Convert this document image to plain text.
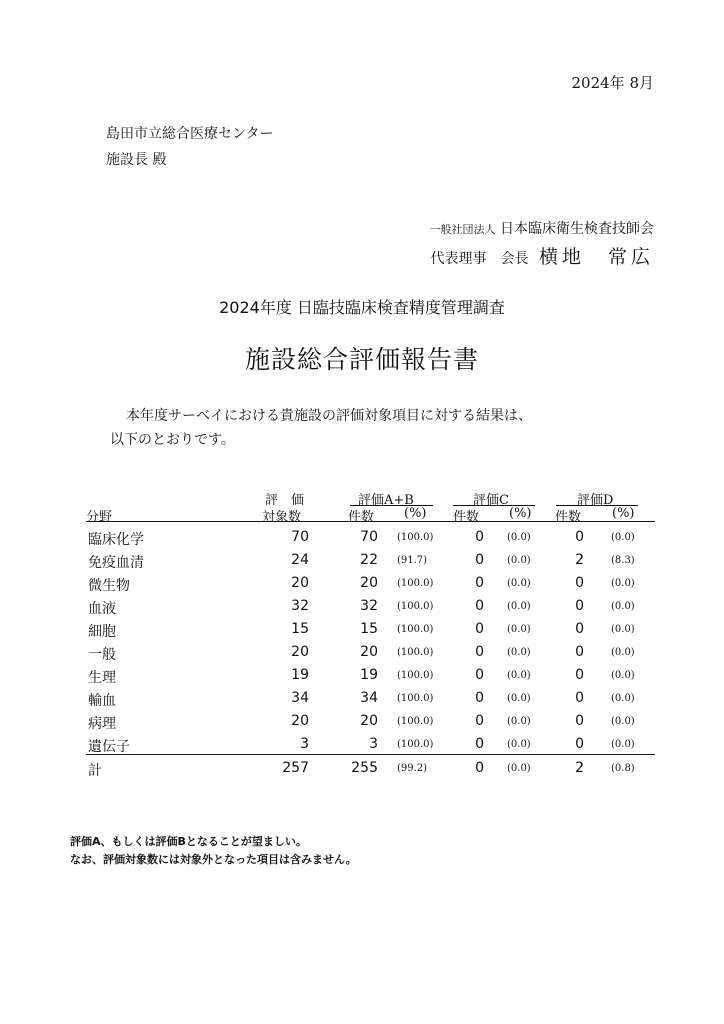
2024年 8月
島田市立総合医療センター
施設長 殿
一般社団法人 日本臨床衛生検査技師会
代表理事　会長 横地　常広
2024年度 日臨技臨床検査精度管理調査
施設総合評価報告書
本年度サーベイにおける貴施設の評価対象項目に対する結果は、
以下のとおりです。
分野
評　価
対象数
評価A+B
件数 (%)
評価C
件数 (%)
評価D
件数 (%)
臨床化学	70	70 (100.0)	0 (0.0)	0	(0.0)
免疫血清	24	22 (91.7)	0 (0.0)	2	(8.3)
微生物	20	20 (100.0)	0 (0.0)	0	(0.0)
血液	32	32 (100.0)	0 (0.0)	0	(0.0)
細胞	15	15 (100.0)	0 (0.0)	0	(0.0)
一般	20	20 (100.0)	0 (0.0)	0	(0.0)
生理	19	19 (100.0)	0 (0.0)	0	(0.0)
輸血	34	34 (100.0)	0 (0.0)	0	(0.0)
病理	20	20 (100.0)	0 (0.0)	0	(0.0)
遺伝子	3	3 (100.0)	0 (0.0)	0	(0.0)
計	257	255 (99.2)	0 (0.0)	2	(0.8)
評価A、もしくは評価Bとなることが望ましい。
なお、評価対象数には対象外となった項目は含みません。
